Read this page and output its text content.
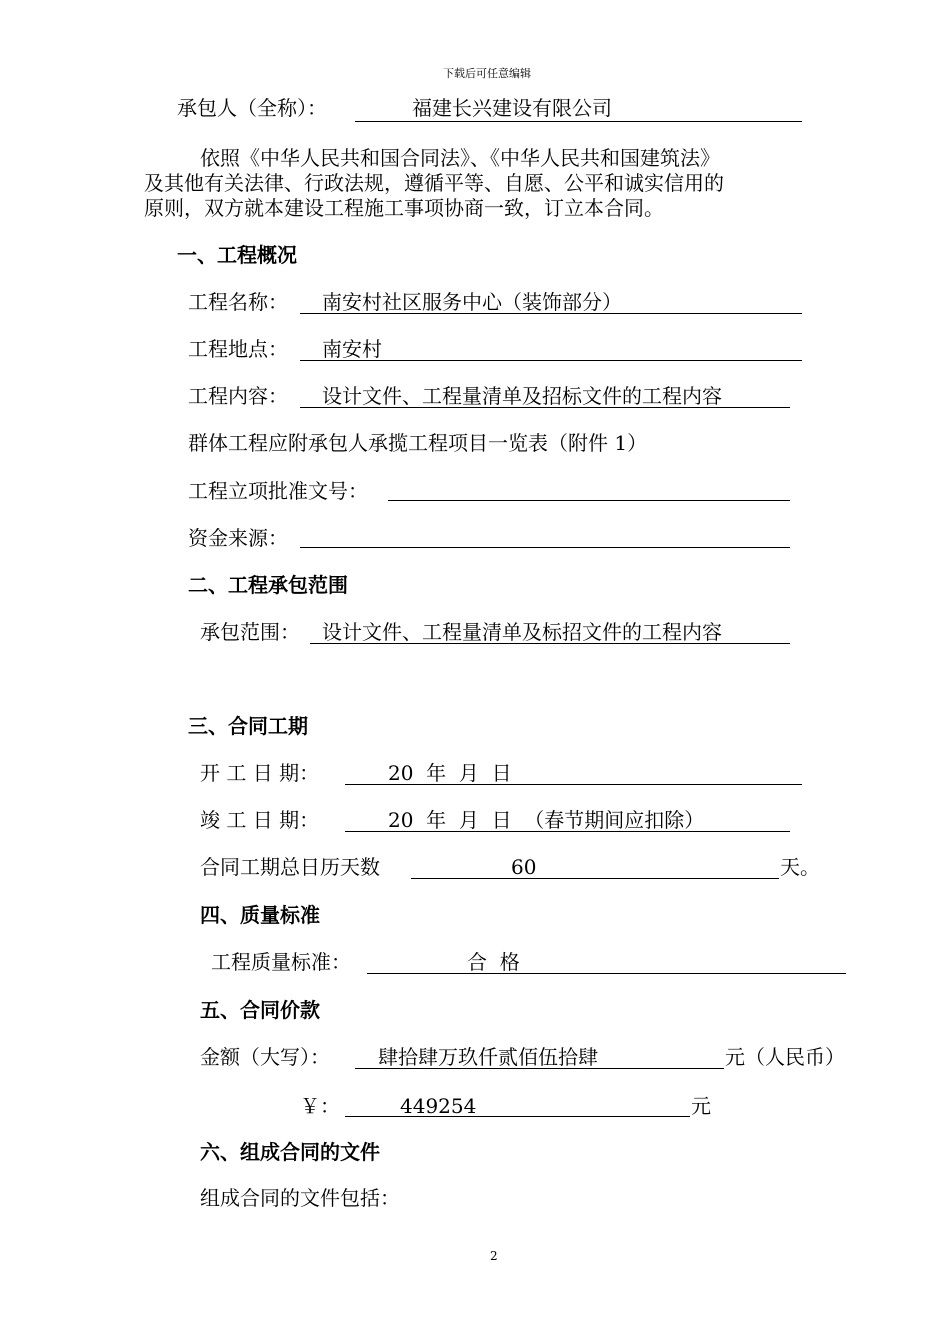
下载后可任意编辑
承包人（全称）：	福建长兴建设有限公司
依照《中华人民共和国合同法》、《中华人民共和国建筑法》
及其他有关法律、行政法规，遵循平等、自愿、公平和诚实信用的
原则，双方就本建设工程施工事项协商一致，订立本合同。
一、工程概况
工程名称： 南安村社区服务中心（装饰部分）
工程地点： 南安村
工程内容： 设计文件、工程量清单及招标文件的工程内容
群体工程应附承包人承揽工程项目一览表（附件 1）
工程立项批准文号：
资金来源：
二、工程承包范围
承包范围： 设计文件、工程量清单及标招文件的工程内容
三、合同工期
开 工 日 期：	20  年  月  日
竣 工 日 期：	20  年  月  日  （春节期间应扣除）
合同工期总日历天数	60	天。
四、质量标准
工程质量标准：	合  格
五、合同价款
金额（大写）： 肆拾肆万玖仟贰佰伍拾肆	元（人民币）
￥：	449254	元
六、组成合同的文件
组成合同的文件包括：
2
